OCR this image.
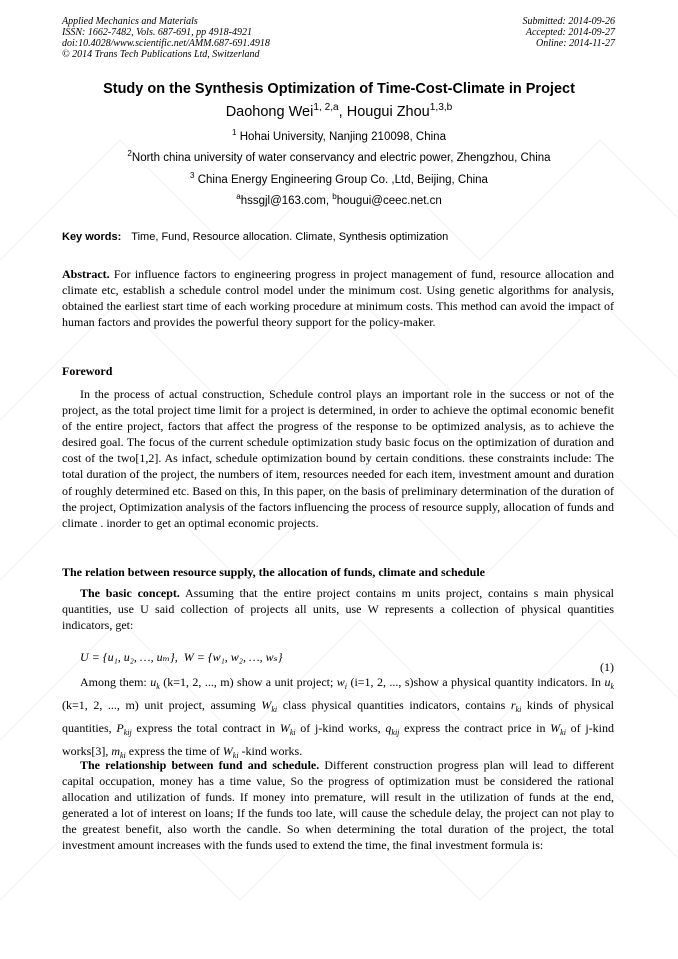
Applied Mechanics and Materials
ISSN: 1662-7482, Vols. 687-691, pp 4918-4921
doi:10.4028/www.scientific.net/AMM.687-691.4918
© 2014 Trans Tech Publications Ltd, Switzerland
Submitted: 2014-09-26
Accepted: 2014-09-27
Online: 2014-11-27
Study on the Synthesis Optimization of Time-Cost-Climate in Project
Daohong Wei$^{1, 2,a}$, Hougui Zhou$^{1,3,b}$
$^1$ Hohai University, Nanjing 210098, China
$^2$North china university of water conservancy and electric power, Zhengzhou, China
$^3$ China Energy Engineering Group Co. ,Ltd, Beijing, China
$^a$hssgjl@163.com, $^b$hougui@ceec.net.cn
Key words: Time, Fund, Resource allocation. Climate, Synthesis optimization
Abstract. For influence factors to engineering progress in project management of fund, resource allocation and climate etc, establish a schedule control model under the minimum cost. Using genetic algorithms for analysis, obtained the earliest start time of each working procedure at minimum costs. This method can avoid the impact of human factors and provides the powerful theory support for the policy-maker.
Foreword
In the process of actual construction, Schedule control plays an important role in the success or not of the project, as the total project time limit for a project is determined, in order to achieve the optimal economic benefit of the entire project, factors that affect the progress of the response to be optimized analysis, as to achieve the desired goal. The focus of the current schedule optimization study basic focus on the optimization of duration and cost of the two[1,2]. As infact, schedule optimization bound by certain conditions. these constraints include: The total duration of the project, the numbers of item, resources needed for each item, investment amount and duration of roughly determined etc. Based on this, In this paper, on the basis of preliminary determination of the duration of the project, Optimization analysis of the factors influencing the process of resource supply, allocation of funds and climate . inorder to get an optimal economic projects.
The relation between resource supply, the allocation of funds, climate and schedule
The basic concept. Assuming that the entire project contains m units project, contains s main physical quantities, use U said collection of projects all units, use W represents a collection of physical quantities indicators, get:
U = {u₁, u₂, …, uₘ}, W = {w₁, w₂, …, wₛ}
(1)
Among them: $u_k$ (k=1, 2, ..., m) show a unit project; $w_i$ (i=1, 2, ..., s)show a physical quantity indicators. In $u_k$ (k=1, 2, ..., m) unit project, assuming $W_{ki}$ class physical quantities indicators, contains $r_{ki}$ kinds of physical quantities, $P_{kij}$ express the total contract in $W_{ki}$ of j-kind works, $q_{kij}$ express the contract price in $W_{ki}$ of j-kind works[3], $m_{ki}$ express the time of $W_{ki}$ -kind works.
The relationship between fund and schedule. Different construction progress plan will lead to different capital occupation, money has a time value, So the progress of optimization must be considered the rational allocation and utilization of funds. If money into premature, will result in the utilization of funds at the end, generated a lot of interest on loans; If the funds too late, will cause the schedule delay, the project can not play to the greatest benefit, also worth the candle. So when determining the total duration of the project, the total investment amount increases with the funds used to extend the time, the final investment formula is:
